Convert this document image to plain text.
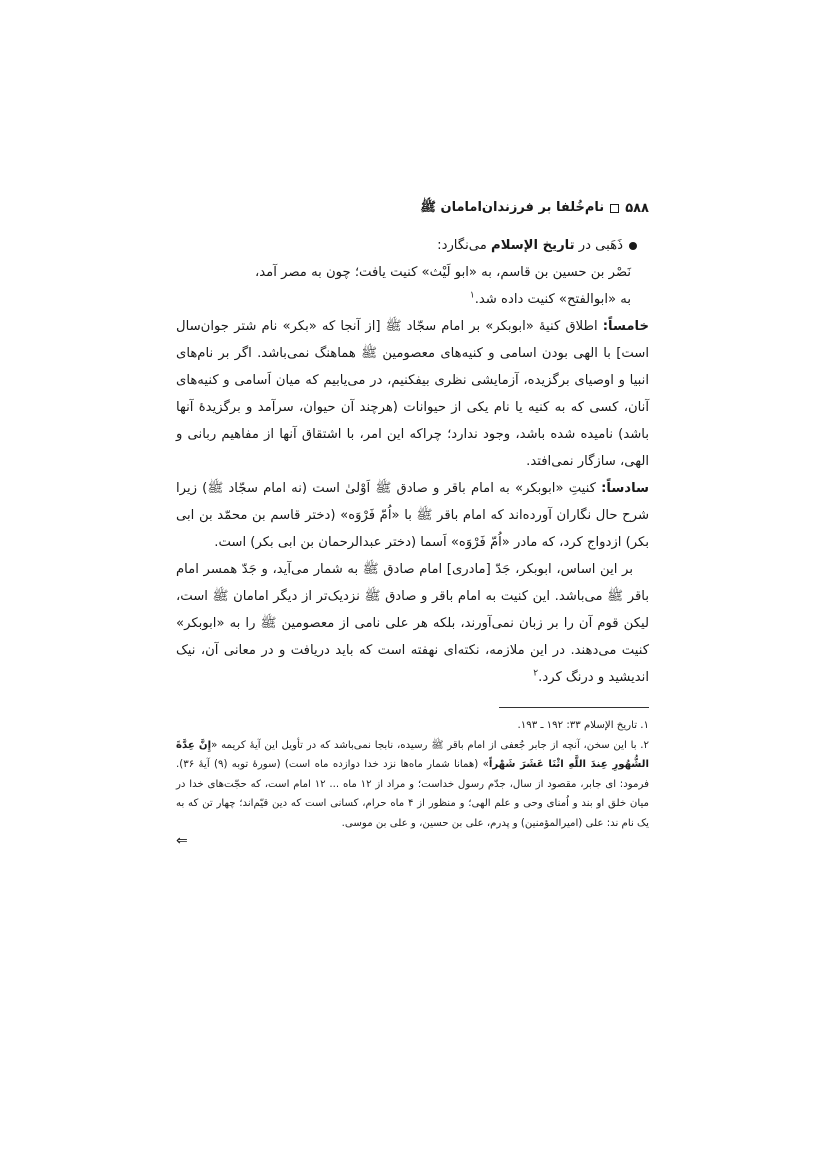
۵۸۸
نام‌خُلفا بر فرزندان‌امامان ﷺ
ذَهَبی در تاریخ الإسلام می‌نگارد:

نَصْر بن حسین بن قاسم، به «ابو لَیْث» کنیت یافت؛ چون به مصر آمد،

به «ابوالفتح» کنیت داده شد.$^۱$

خامساً: اطلاق کنیهٔ «ابوبکر» بر امام سجّاد ﷺ [از آنجا که «بکر» نام شتر جوان‌سال است] با الهی بودن اسامی و کنیه‌های معصومین ﷺ هماهنگ نمی‌باشد. اگر بر نام‌های انبیا و اوصیای برگزیده، آزمایشی نظری بیفکنیم، در می‌یابیم که میان اَسامی و کنیه‌های آنان، کسی که به کنیه یا نام یکی از حیوانات (هرچند آن حیوان، سرآمد و برگزیدهٔ آنها باشد) نامیده شده باشد، وجود ندارد؛ چراکه این امر، با اشتقاق آنها از مفاهیم ربانی و الهی، سازگار نمی‌افتد.

سادساً: کنیتِ «ابوبکر» به امام باقر و صادق ﷺ اَوْلیٰ است (نه امام سجّاد ﷺ) زیرا شرح حال نگاران آورده‌اند که امام باقر ﷺ با «اُمّ فَرْوَه» (دختر قاسم بن محمّد بن ابی بکر) ازدواج کرد، که مادر «اُمّ فَرْوَه» اَسما (دختر عبدالرحمان بن ابی بکر) است.

بر این اساس، ابوبکر، جَدّ [مادری] امام صادق ﷺ به شمار می‌آید، و جَدّ همسر امام باقر ﷺ می‌باشد. این کنیت به امام باقر و صادق ﷺ نزدیک‌تر از دیگر امامان ﷺ است، لیکن قوم آن را بر زبان نمی‌آورند، بلکه هر علی نامی از معصومین ﷺ را به «ابوبکر» کنیت می‌دهند. در این ملازمه، نکته‌ای نهفته است که باید دریافت و در معانی آن، نیک اندیشید و درنگ کرد.$^۲$

۱. تاریخ الإسلام ۳۳: ۱۹۲ ـ ۱۹۳.

۲. با این سخن، آنچه از جابر جُعفی از امام باقر ﷺ رسیده، نابجا نمی‌باشد که در تأویل این آیهٔ کریمه «إِنَّ عِدَّةَ الشُّهُورِ عِندَ اللَّهِ اثْنَا عَشَرَ شَهْراً» (همانا شمار ماه‌ها نزد خدا دوازده ماه است) (سورهٔ توبه (۹) آیهٔ ۳۶). فرمود: ای جابر، مقصود از سال، جدّم رسول خداست؛ و مراد از ۱۲ ماه ... ۱۲ امام است، که حجّت‌های خدا در میان خلق او بند و اُمنای وحی و علم الهی؛ و منظور از ۴ ماه حرام، کسانی است که دین قیّم‌اند؛ چهار تن که به یک نام ند: علی (امیرالمؤمنین) و پدرم، علی بن حسین، و علی بن موسی.

⇐
